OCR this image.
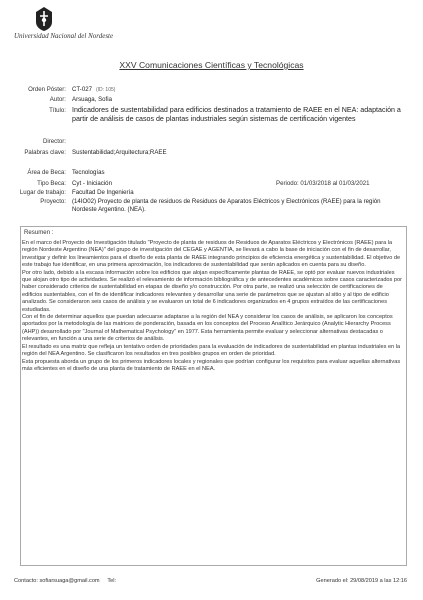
Universidad Nacional del Nordeste
XXV Comunicaciones Científicas y Tecnológicas
Orden Póster: CT-027 (ID: 105)
Autor: Arsuaga, Sofia
Título: Indicadores de sustentabilidad para edificios destinados a tratamiento de RAEE en el NEA: adaptación a partir de análisis de casos de plantas industriales según sistemas de certificación vigentes
Director:
Palabras clave: Sustentabilidad;Arquitectura;RAEE
Área de Beca: Tecnologías
Tipo Beca: Cyt - Iniciación	Periodo: 01/03/2018 al 01/03/2021
Lugar de trabajo: Facultad De Ingeniería
Proyecto: (14IO02) Proyecto de planta de residuos de Residuos de Aparatos Eléctricos y Electrónicos (RAEE) para la región Nordeste Argentino. (NEA).
Resumen :

En el marco del Proyecto de Investigación titulado "Proyecto de planta de residuos de Residuos de Aparatos Eléctricos y Electrónicos (RAEE) para la región Nordeste Argentino (NEA)" del grupo de investigación del CEGAE y AGENTIA, se llevará a cabo la base de iniciación con el fin de desarrollar, investigar y definir los lineamientos para el diseño de esta planta de RAEE integrando principios de eficiencia energética y sustentabilidad. El objetivo de este trabajo fue identificar, en una primera aproximación, los indicadores de sustentabilidad que serán aplicados en cuenta para su diseño.

Por otro lado, debido a la escasa información sobre los edificios que alojan específicamente plantas de RAEE, se optó por evaluar nuevos industriales que alojan otro tipo de actividades. Se realizó el relevamiento de información bibliográfica y de antecedentes académicos sobre casos caracterizados por haber considerado criterios de sustentabilidad en etapas de diseño y/o construcción. Por otra parte, se realizó una selección de certificaciones de edificios sustentables, con el fin de identificar indicadores relevantes y desarrollar una serie de parámetros que se ajustan al sitio y al tipo de edificio analizado. Se consideraron seis casos de análisis y se evaluaron un total de 6 indicadores organizados en 4 grupos extraídos de las certificaciones estudiadas.

Con el fin de determinar aquellos que puedan adecuarse adaptarse a la región del NEA y considerar los casos de análisis, se aplicaron los conceptos aportados por la metodología de las matrices de ponderación, basada en los conceptos del Proceso Analítico Jerárquico (Analytic Hierarchy Process (AHP)) desarrollado por "Journal of Mathematical Psychology" en 1977. Esta herramienta permite evaluar y seleccionar alternativas destacadas o relevantes, en función a una serie de criterios de análisis.

El resultado es una matriz que refleja un tentativo orden de prioridades para la evaluación de indicadores de sustentabilidad en plantas industriales en la región del NEA Argentino. Se clasificaron los resultados en tres posibles grupos en orden de prioridad.

Esta propuesta aborda un grupo de los primeros indicadores locales y regionales que podrían configurar los requisitos para evaluar aquellas alternativas más eficientes en el diseño de una planta de tratamiento de RAEE en el NEA.

Contacto: sofiarsuaga@gmail.com Tel:	Generado el: 29/08/2019 a las 12:16
